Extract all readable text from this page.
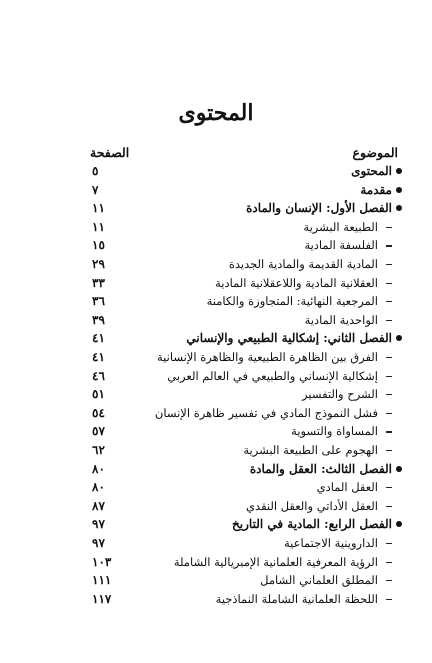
المحتوى
الموضوع
الصفحة
المحتوى
٥
مقدمة
٧
الفصل الأول: الإنسان والمادة
١١
الطبيعة البشرية
١١
الفلسفة المادية
١٥
المادية القديمة والمادية الجديدة
٢٩
العقلانية المادية واللاعقلانية المادية
٣٣
المرجعية النهائية: المتجاوزة والكامنة
٣٦
الواحدية المادية
٣٩
الفصل الثاني: إشكالية الطبيعي والإنساني
٤١
الفرق بين الظاهرة الطبيعية والظاهرة الإنسانية
٤١
إشكالية الإنساني والطبيعي في العالم العربي
٤٦
الشرح والتفسير
٥١
فشل النموذج المادي في تفسير ظاهرة الإنسان
٥٤
المساواة والتسوية
٥٧
الهجوم على الطبيعة البشرية
٦٢
الفصل الثالث: العقل والمادة
٨٠
العقل المادي
٨٠
العقل الأداتي والعقل النقدي
٨٧
الفصل الرابع: المادية في التاريخ
٩٧
الداروينية الاجتماعية
٩٧
الرؤية المعرفية العلمانية الإمبريالية الشاملة
١٠٣
المطلق العلماني الشامل
١١١
اللحظة العلمانية الشاملة النماذجية
١١٧
